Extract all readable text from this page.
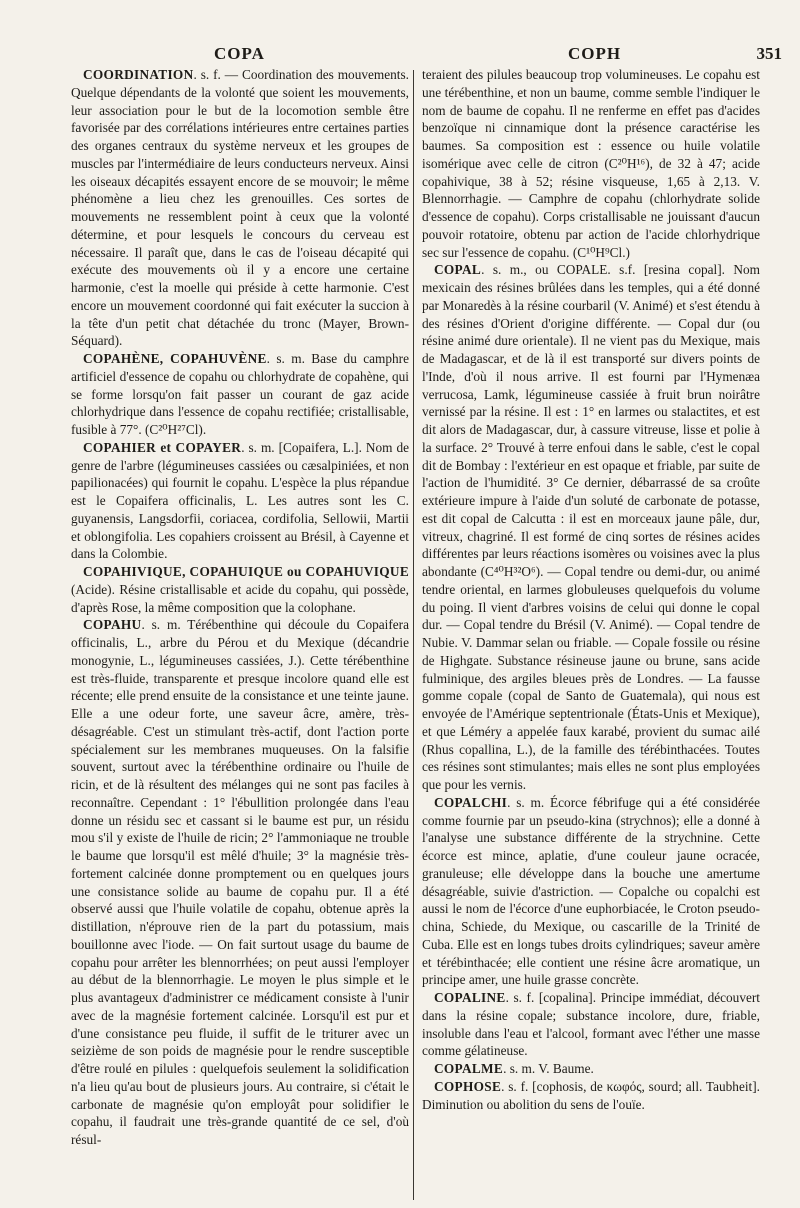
COPA	COPH	351

COORDINATION. s. f. — Coordination des mouvements. Quelque dépendants de la volonté que soient les mouvements, leur association pour le but de la locomotion semble être favorisée par des corrélations intérieures entre certaines parties des organes centraux du système nerveux et les groupes de muscles par l'intermédiaire de leurs conducteurs nerveux. Ainsi les oiseaux décapités essayent encore de se mouvoir; le même phénomène a lieu chez les grenouilles. Ces sortes de mouvements ne ressemblent point à ceux que la volonté détermine, et pour lesquels le concours du cerveau est nécessaire. Il paraît que, dans le cas de l'oiseau décapité qui exécute des mouvements où il y a encore une certaine harmonie, c'est la moelle qui préside à cette harmonie. C'est encore un mouvement coordonné qui fait exécuter la succion à la tête d'un petit chat détachée du tronc (Mayer, Brown-Séquard).

COPAHÈNE, COPAHUVÈNE. s. m. Base du camphre artificiel d'essence de copahu ou chlorhydrate de copahène, qui se forme lorsqu'on fait passer un courant de gaz acide chlorhydrique dans l'essence de copahu rectifiée; cristallisable, fusible à 77°. (C²⁰H²⁷Cl).

COPAHIER et COPAYER. s. m. [Copaifera, L.]. Nom de genre de l'arbre (légumineuses cassiées ou cæsalpiniées, et non papilionacées) qui fournit le copahu. L'espèce la plus répandue est le Copaifera officinalis, L. Les autres sont les C. guyanensis, Langsdorfii, coriacea, cordifolia, Sellowii, Martii et oblongifolia. Les copahiers croissent au Brésil, à Cayenne et dans la Colombie.

COPAHIVIQUE, COPAHUIQUE ou COPAHUVIQUE (Acide). Résine cristallisable et acide du copahu, qui possède, d'après Rose, la même composition que la colophane.

COPAHU. s. m. Térébenthine qui découle du Copaifera officinalis, L., arbre du Pérou et du Mexique (décandrie monogynie, L., légumineuses cassiées, J.). Cette térébenthine est très-fluide, transparente et presque incolore quand elle est récente; elle prend ensuite de la consistance et une teinte jaune. Elle a une odeur forte, une saveur âcre, amère, très-désagréable. C'est un stimulant très-actif, dont l'action porte spécialement sur les membranes muqueuses. On la falsifie souvent, surtout avec la térébenthine ordinaire ou l'huile de ricin, et de là résultent des mélanges qui ne sont pas faciles à reconnaître. Cependant : 1° l'ébullition prolongée dans l'eau donne un résidu sec et cassant si le baume est pur, un résidu mou s'il y existe de l'huile de ricin; 2° l'ammoniaque ne trouble le baume que lorsqu'il est mêlé d'huile; 3° la magnésie très-fortement calcinée donne promptement ou en quelques jours une consistance solide au baume de copahu pur. Il a été observé aussi que l'huile volatile de copahu, obtenue après la distillation, n'éprouve rien de la part du potassium, mais bouillonne avec l'iode. — On fait surtout usage du baume de copahu pour arrêter les blennorrhées; on peut aussi l'employer au début de la blennorrhagie. Le moyen le plus simple et le plus avantageux d'administrer ce médicament consiste à l'unir avec de la magnésie fortement calcinée. Lorsqu'il est pur et d'une consistance peu fluide, il suffit de le triturer avec un seizième de son poids de magnésie pour le rendre susceptible d'être roulé en pilules : quelquefois seulement la solidification n'a lieu qu'au bout de plusieurs jours. Au contraire, si c'était le carbonate de magnésie qu'on employât pour solidifier le copahu, il faudrait une très-grande quantité de ce sel, d'où résul-

teraient des pilules beaucoup trop volumineuses. Le copahu est une térébenthine, et non un baume, comme semble l'indiquer le nom de baume de copahu. Il ne renferme en effet pas d'acides benzoïque ni cinnamique dont la présence caractérise les baumes. Sa composition est : essence ou huile volatile isomérique avec celle de citron (C²⁰H¹⁶), de 32 à 47; acide copahivique, 38 à 52; résine visqueuse, 1,65 à 2,13. V. Blennorrhagie. — Camphre de copahu (chlorhydrate solide d'essence de copahu). Corps cristallisable ne jouissant d'aucun pouvoir rotatoire, obtenu par action de l'acide chlorhydrique sec sur l'essence de copahu. (C¹⁰H⁹Cl.)

COPAL. s. m., ou COPALE. s.f. [resina copal]. Nom mexicain des résines brûlées dans les temples, qui a été donné par Monaredès à la résine courbaril (V. Animé) et s'est étendu à des résines d'Orient d'origine différente. — Copal dur (ou résine animé dure orientale). Il ne vient pas du Mexique, mais de Madagascar, et de là il est transporté sur divers points de l'Inde, d'où il nous arrive. Il est fourni par l'Hymenæa verrucosa, Lamk, légumineuse cassiée à fruit brun noirâtre vernissé par la résine. Il est : 1° en larmes ou stalactites, et est dit alors de Madagascar, dur, à cassure vitreuse, lisse et polie à la surface. 2° Trouvé à terre enfoui dans le sable, c'est le copal dit de Bombay : l'extérieur en est opaque et friable, par suite de l'action de l'humidité. 3° Ce dernier, débarrassé de sa croûte extérieure impure à l'aide d'un soluté de carbonate de potasse, est dit copal de Calcutta : il est en morceaux jaune pâle, dur, vitreux, chagriné. Il est formé de cinq sortes de résines acides différentes par leurs réactions isomères ou voisines avec la plus abondante (C⁴⁰H³²O⁶). — Copal tendre ou demi-dur, ou animé tendre oriental, en larmes globuleuses quelquefois du volume du poing. Il vient d'arbres voisins de celui qui donne le copal dur. — Copal tendre du Brésil (V. Animé). — Copal tendre de Nubie. V. Dammar selan ou friable. — Copale fossile ou résine de Highgate. Substance résineuse jaune ou brune, sans acide fulminique, des argiles bleues près de Londres. — La fausse gomme copale (copal de Santo de Guatemala), qui nous est envoyée de l'Amérique septentrionale (États-Unis et Mexique), et que Léméry a appelée faux karabé, provient du sumac ailé (Rhus copallina, L.), de la famille des térébinthacées. Toutes ces résines sont stimulantes; mais elles ne sont plus employées que pour les vernis.

COPALCHI. s. m. Écorce fébrifuge qui a été considérée comme fournie par un pseudo-kina (strychnos); elle a donné à l'analyse une substance différente de la strychnine. Cette écorce est mince, aplatie, d'une couleur jaune ocracée, granuleuse; elle développe dans la bouche une amertume désagréable, suivie d'astriction. — Copalche ou copalchi est aussi le nom de l'écorce d'une euphorbiacée, le Croton pseudo-china, Schiede, du Mexique, ou cascarille de la Trinité de Cuba. Elle est en longs tubes droits cylindriques; saveur amère et térébinthacée; elle contient une résine âcre aromatique, un principe amer, une huile grasse concrète.

COPALINE. s. f. [copalina]. Principe immédiat, découvert dans la résine copale; substance incolore, dure, friable, insoluble dans l'eau et l'alcool, formant avec l'éther une masse comme gélatineuse.

COPALME. s. m. V. Baume.

COPHOSE. s. f. [cophosis, de κωφός, sourd; all. Taubheit]. Diminution ou abolition du sens de l'ouïe.
